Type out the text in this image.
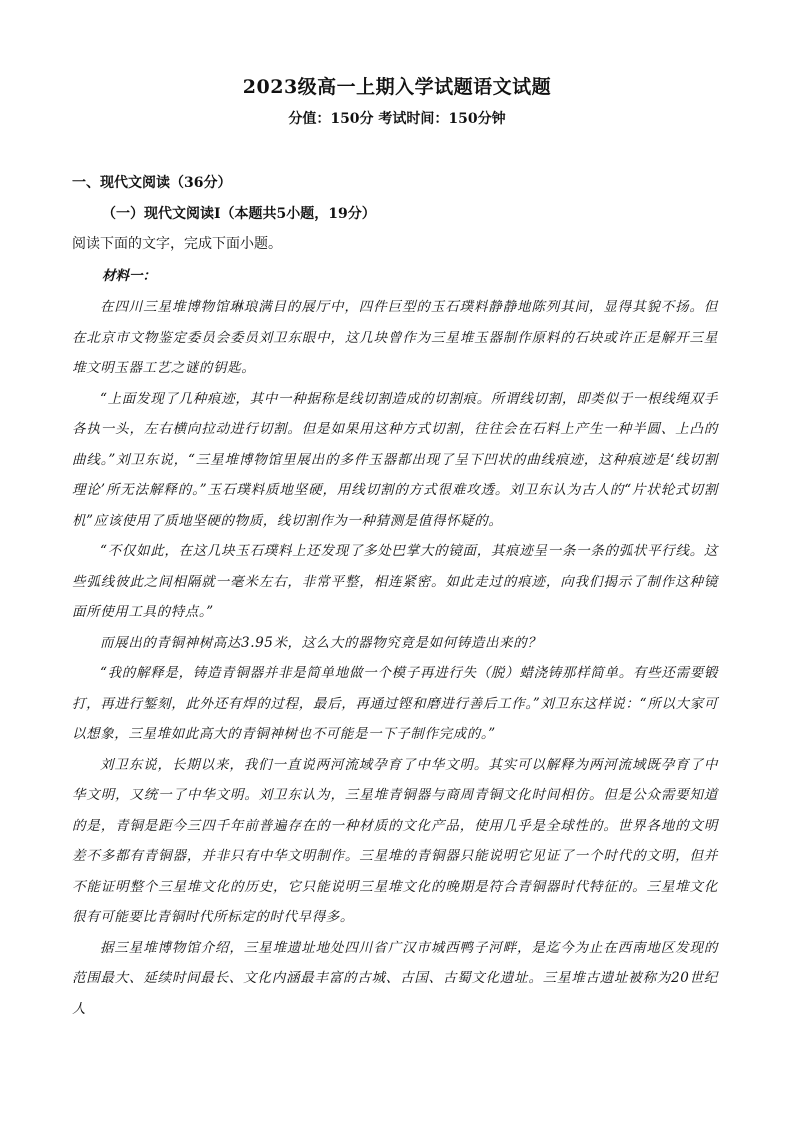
2023级高一上期入学试题语文试题
分值：150分 考试时间：150分钟
一、现代文阅读（36分）
（一）现代文阅读Ⅰ（本题共5小题，19分）
阅读下面的文字，完成下面小题。
材料一：

在四川三星堆博物馆琳琅满目的展厅中，四件巨型的玉石璞料静静地陈列其间，显得其貌不扬。但在北京市文物鉴定委员会委员刘卫东眼中，这几块曾作为三星堆玉器制作原料的石块或许正是解开三星堆文明玉器工艺之谜的钥匙。

“上面发现了几种痕迹，其中一种据称是线切割造成的切割痕。所谓线切割，即类似于一根线绳双手各执一头，左右横向拉动进行切割。但是如果用这种方式切割，往往会在石料上产生一种半圆、上凸的曲线。”刘卫东说，“三星堆博物馆里展出的多件玉器都出现了呈下凹状的曲线痕迹，这种痕迹是‘线切割理论’所无法解释的。”玉石璞料质地坚硬，用线切割的方式很难攻透。刘卫东认为古人的“片状轮式切割机”应该使用了质地坚硬的物质，线切割作为一种猜测是值得怀疑的。

“不仅如此，在这几块玉石璞料上还发现了多处巴掌大的镜面，其痕迹呈一条一条的弧状平行线。这些弧线彼此之间相隔就一毫米左右，非常平整，相连紧密。如此走过的痕迹，向我们揭示了制作这种镜面所使用工具的特点。”

而展出的青铜神树高达3.95米，这么大的器物究竟是如何铸造出来的？

“我的解释是，铸造青铜器并非是简单地做一个模子再进行失（脱）蜡浇铸那样简单。有些还需要锻打，再进行錾刻，此外还有焊的过程，最后，再通过铿和磨进行善后工作。”刘卫东这样说：“所以大家可以想象，三星堆如此高大的青铜神树也不可能是一下子制作完成的。”

刘卫东说，长期以来，我们一直说两河流域孕育了中华文明。其实可以解释为两河流域既孕育了中华文明，又统一了中华文明。刘卫东认为，三星堆青铜器与商周青铜文化时间相仿。但是公众需要知道的是，青铜是距今三四千年前普遍存在的一种材质的文化产品，使用几乎是全球性的。世界各地的文明差不多都有青铜器，并非只有中华文明制作。三星堆的青铜器只能说明它见证了一个时代的文明，但并不能证明整个三星堆文化的历史，它只能说明三星堆文化的晚期是符合青铜器时代特征的。三星堆文化很有可能要比青铜时代所标定的时代早得多。

据三星堆博物馆介绍，三星堆遗址地处四川省广汉市城西鸭子河畔，是迄今为止在西南地区发现的范围最大、延续时间最长、文化内涵最丰富的古城、古国、古蜀文化遗址。三星堆古遗址被称为20世纪人
